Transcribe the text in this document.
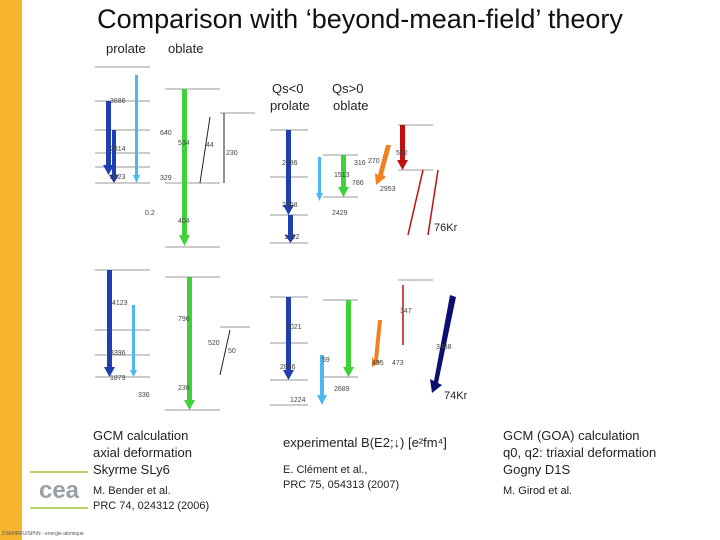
Comparison with ‘beyond-mean-field’ theory
prolate oblate
Qs<0
prolate
Qs>0
oblate
3686
2814
2023
640
534 44
230
404
329
0.2
4123
796
3396
1879
520
50
236
336
76Kr
2786
2468
1722
1513
2429
592
2953
316 270
786
74Kr
3021
2846
1224
2689
59
347
455 473
3488
GCM calculation
axial deformation
Skyrme SLy6
M. Bender et al.
PRC 74, 024312 (2006)
experimental B(E2;↓) [e²fm⁴]
E. Clément et al.,
PRC 75, 054313 (2007)
GCM (GOA) calculation
q0, q2: triaxial deformation
Gogny D1S
M. Girod et al.
cea
DSM/IRFU/SPhN - energie atomique
